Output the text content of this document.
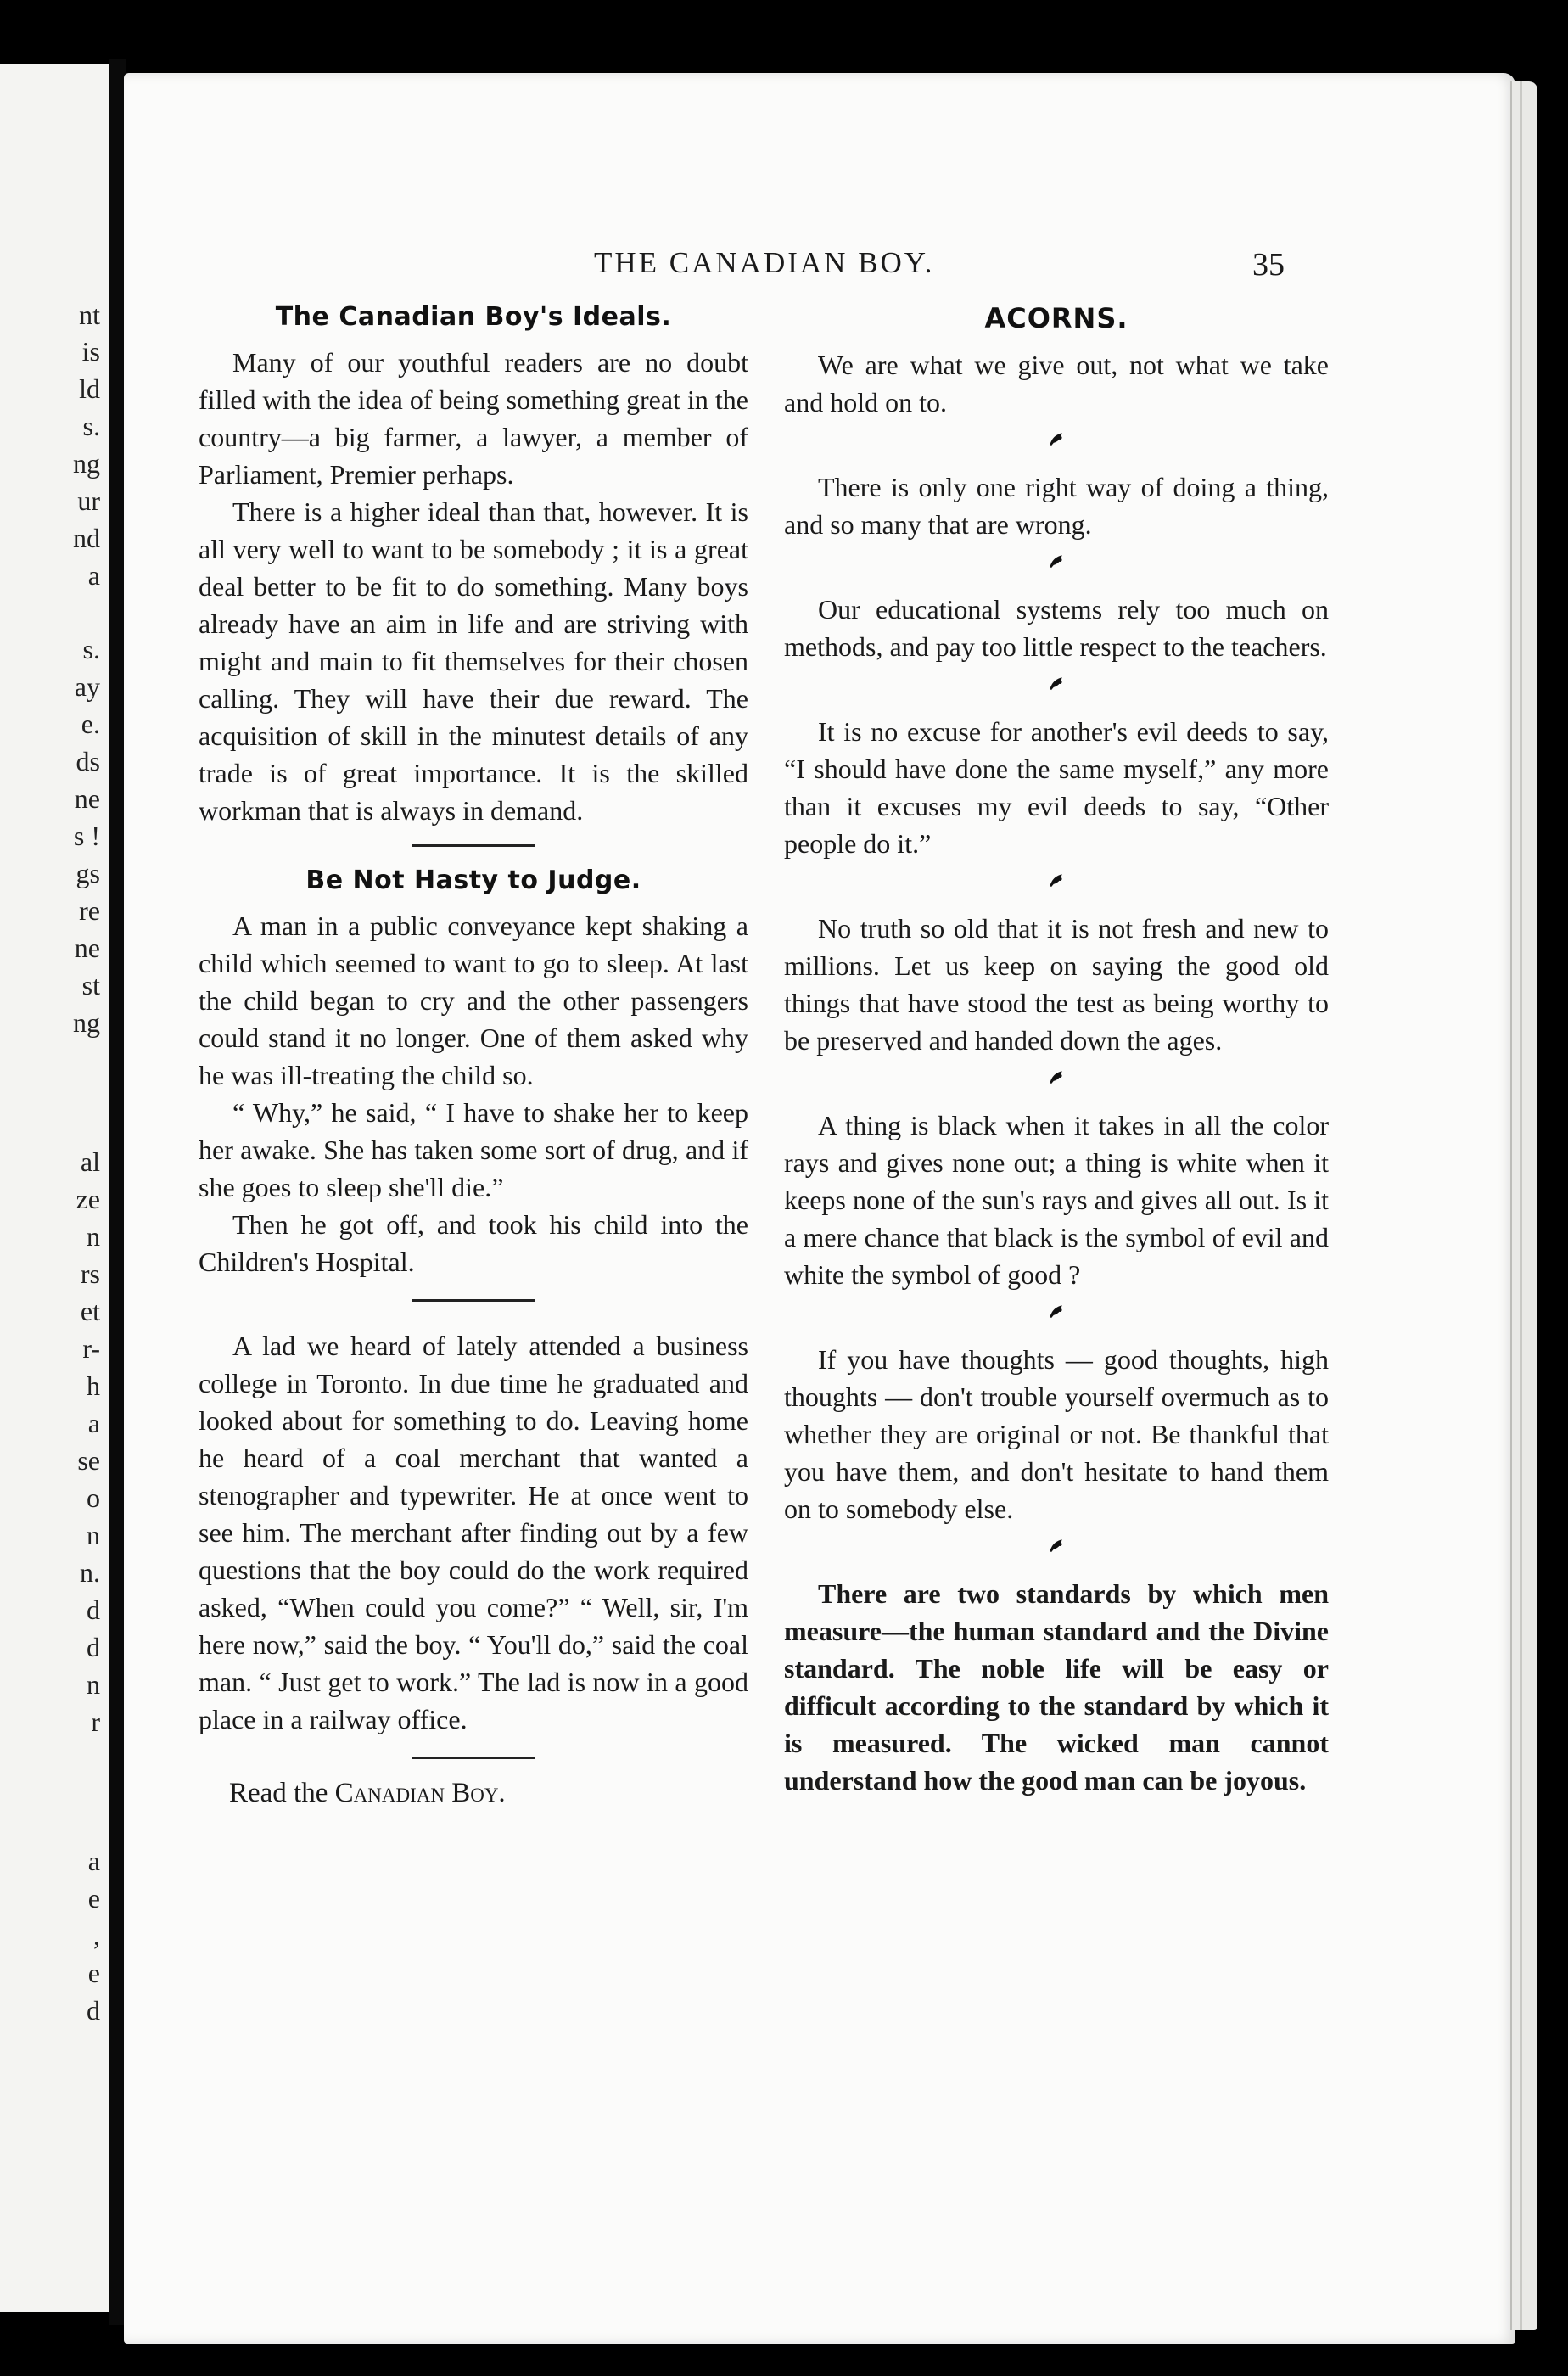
nt
is
ld
s.
ng
ur
nd
a
s.
ay
e.
ds
ne
s !
gs
re
ne
st
ng
al
ze
n
rs
et
r-
h
a
se
o
n
n.
d
d
n
r
a
e
,
e
d
THE CANADIAN BOY.	35
The Canadian Boy's Ideals.

Many of our youthful readers are no doubt filled with the idea of being something great in the country—a big farmer, a lawyer, a member of Parliament, Premier perhaps.

There is a higher ideal than that, however. It is all very well to want to be somebody ; it is a great deal better to be fit to do something. Many boys already have an aim in life and are striving with might and main to fit themselves for their chosen calling. They will have their due reward. The acquisition of skill in the minutest details of any trade is of great importance. It is the skilled workman that is always in demand.

Be Not Hasty to Judge.

A man in a public conveyance kept shaking a child which seemed to want to go to sleep. At last the child began to cry and the other passengers could stand it no longer. One of them asked why he was ill-treating the child so.

“ Why,” he said, “ I have to shake her to keep her awake. She has taken some sort of drug, and if she goes to sleep she'll die.”

Then he got off, and took his child into the Children's Hospital.

A lad we heard of lately attended a business college in Toronto. In due time he graduated and looked about for something to do. Leaving home he heard of a coal merchant that wanted a stenographer and typewriter. He at once went to see him. The merchant after finding out by a few questions that the boy could do the work required asked, “When could you come?” “ Well, sir, I'm here now,” said the boy. “ You'll do,” said the coal man. “ Just get to work.” The lad is now in a good place in a railway office.

Read the Canadian Boy.

ACORNS.

We are what we give out, not what we take and hold on to.

There is only one right way of doing a thing, and so many that are wrong.

Our educational systems rely too much on methods, and pay too little respect to the teachers.

It is no excuse for another's evil deeds to say, “I should have done the same myself,” any more than it excuses my evil deeds to say, “Other people do it.”

No truth so old that it is not fresh and new to millions. Let us keep on saying the good old things that have stood the test as being worthy to be preserved and handed down the ages.

A thing is black when it takes in all the color rays and gives none out; a thing is white when it keeps none of the sun's rays and gives all out. Is it a mere chance that black is the symbol of evil and white the symbol of good ?

If you have thoughts — good thoughts, high thoughts — don't trouble yourself overmuch as to whether they are original or not. Be thankful that you have them, and don't hesitate to hand them on to somebody else.

There are two standards by which men measure—the human standard and the Divine standard. The noble life will be easy or difficult according to the standard by which it is measured. The wicked man cannot understand how the good man can be joyous.
